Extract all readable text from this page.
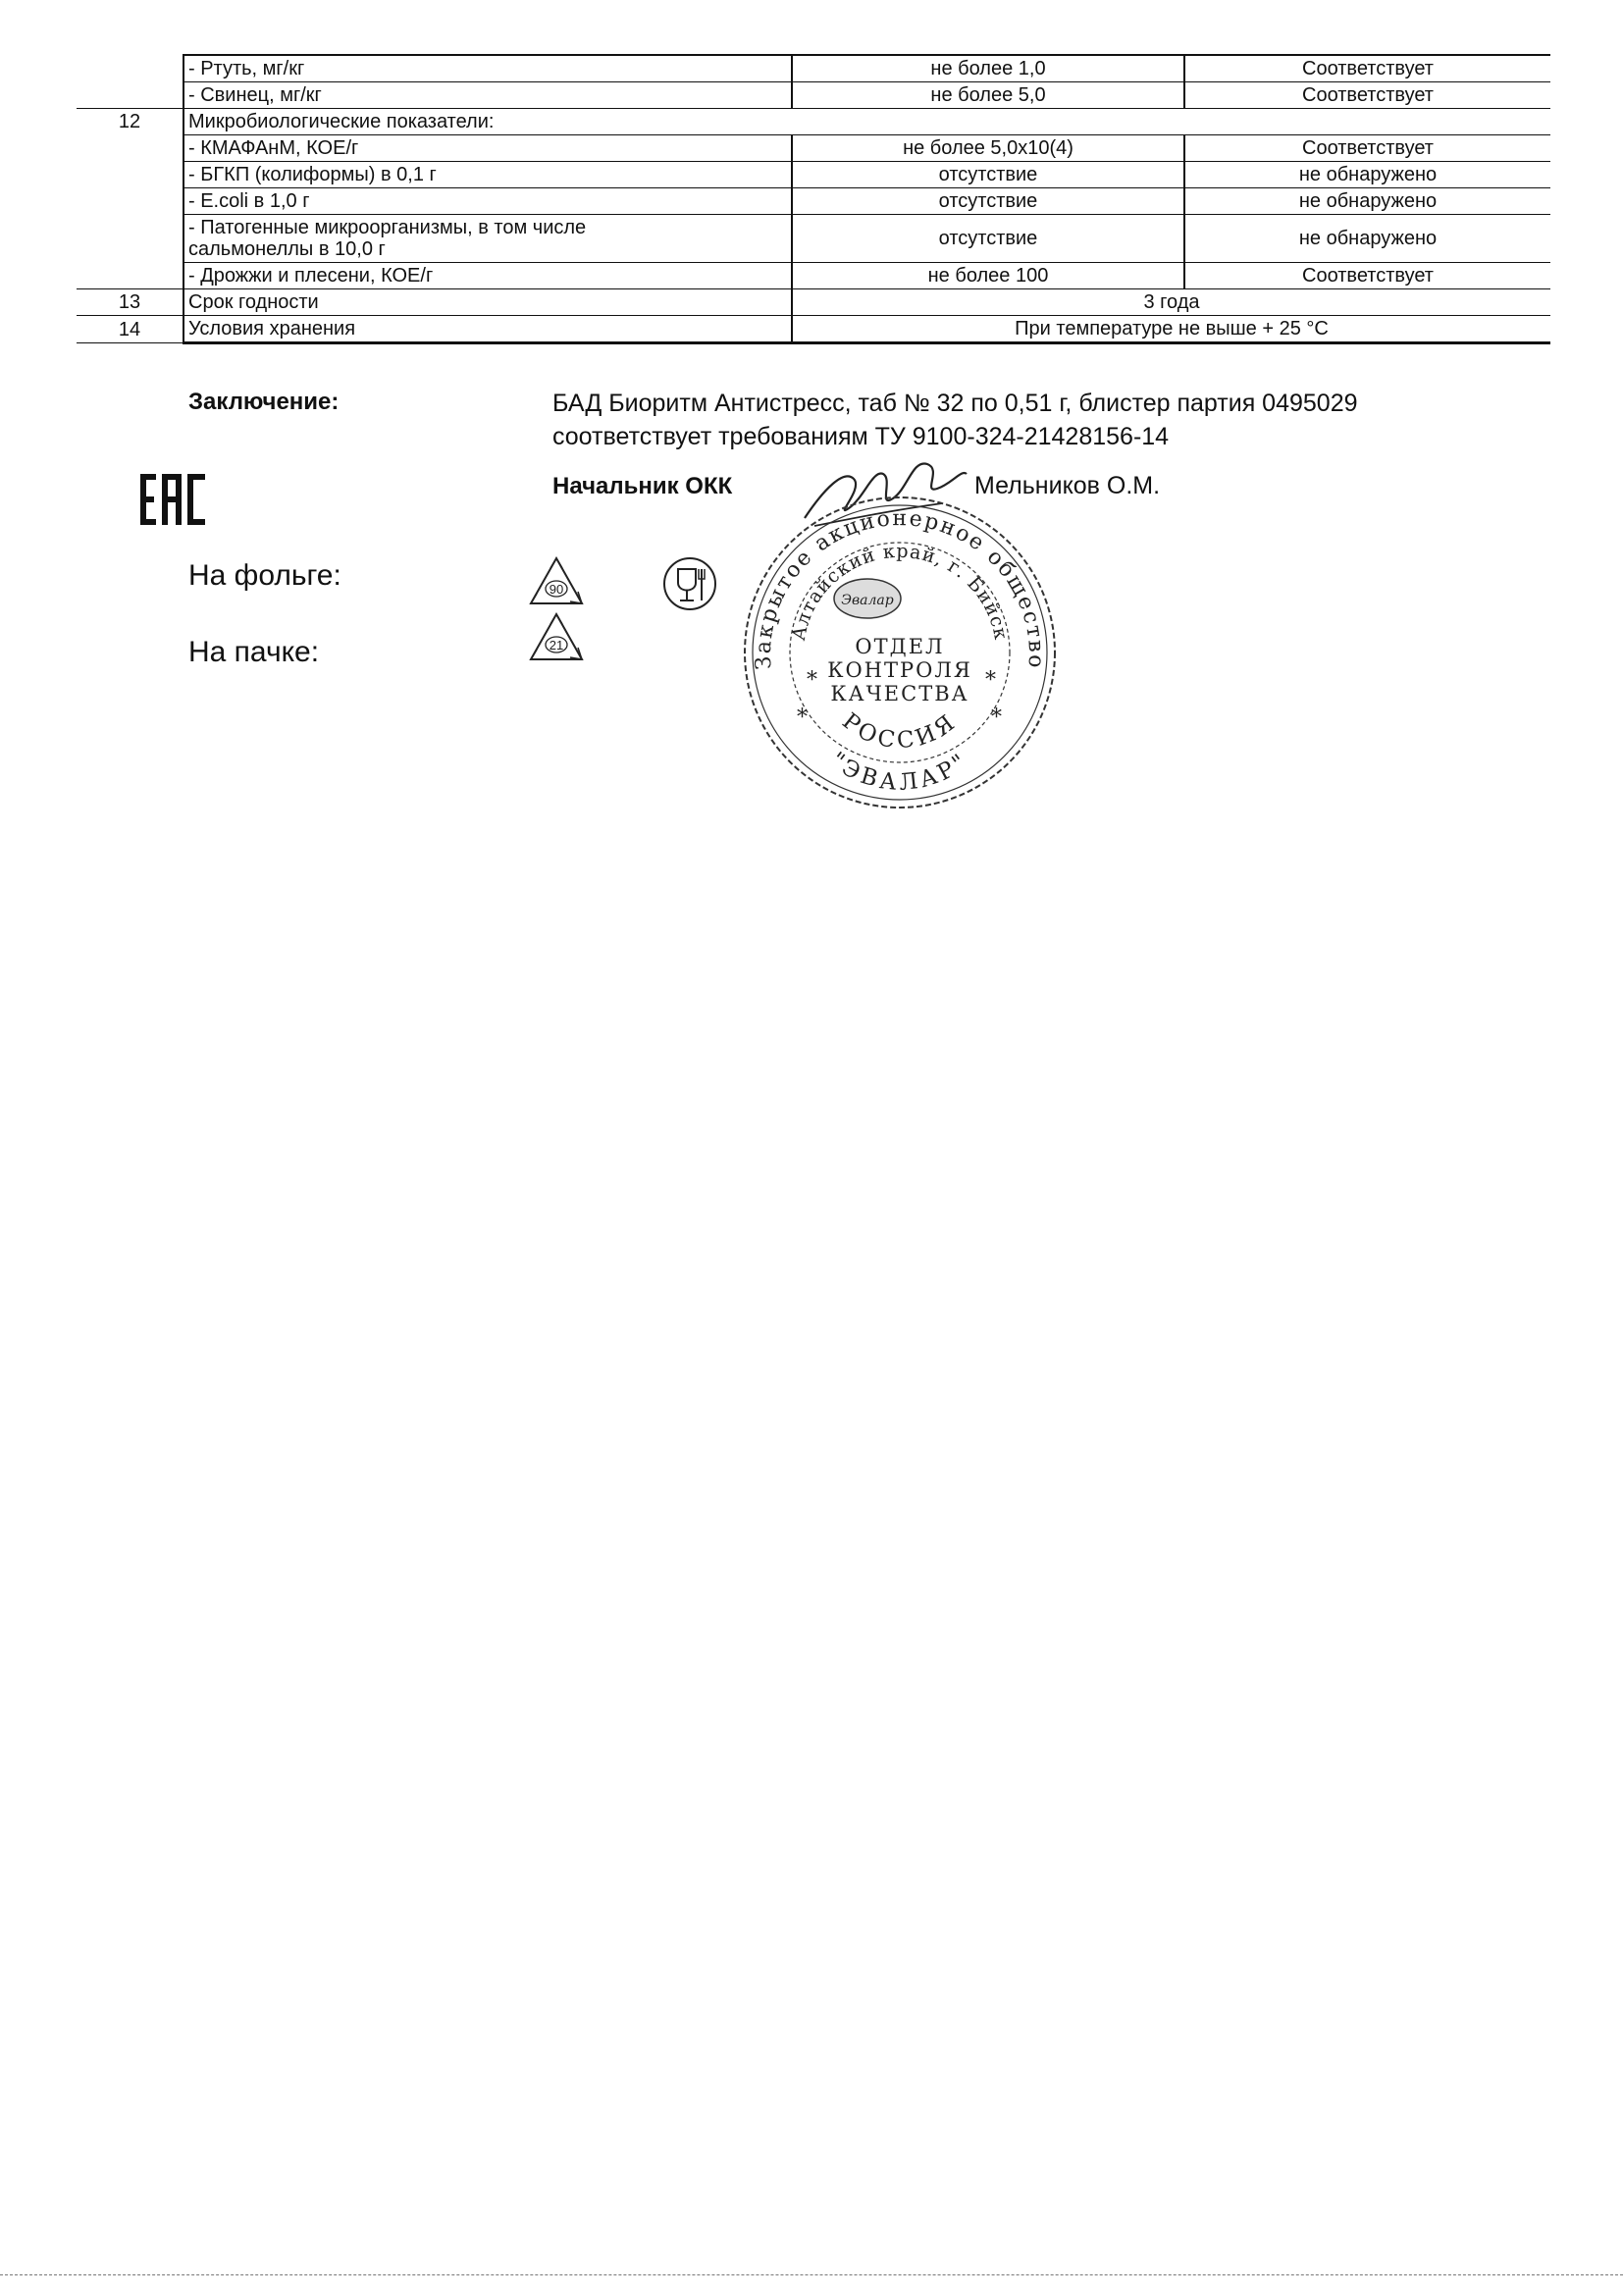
	- Ртуть, мг/кг	не более 1,0	Соответствует
	- Свинец, мг/кг	не более 5,0	Соответствует
12	Микробиологические показатели:		
	- КМАФАнМ, КОЕ/г	не более 5,0х10(4)	Соответствует
	- БГКП (колиформы) в 0,1 г	отсутствие	не обнаружено
	- E.coli в 1,0 г	отсутствие	не обнаружено

	- Патогенные микроорганизмы, в том числе
сальмонеллы в 10,0 г	отсутствие	не обнаружено
	- Дрожжи и плесени, КОЕ/г	не более 100	Соответствует
13	Срок годности	3 года	
14	Условия хранения	При температуре не выше + 25 °С	
Заключение:	БАД Биоритм Антистресс, таб № 32 по 0,51 г, блистер партия 0495029
соответствует требованиям ТУ 9100-324-21428156-14
Начальник ОКК	Мельников О.М.
На фольге:
На пачке:
90
21
Закрытое акционерное общество
Алтайский край, г. Бийск
Эвалар
ОТДЕЛ
КОНТРОЛЯ
КАЧЕСТВА
*	*
*	*
РОССИЯ
"ЭВАЛАР"
